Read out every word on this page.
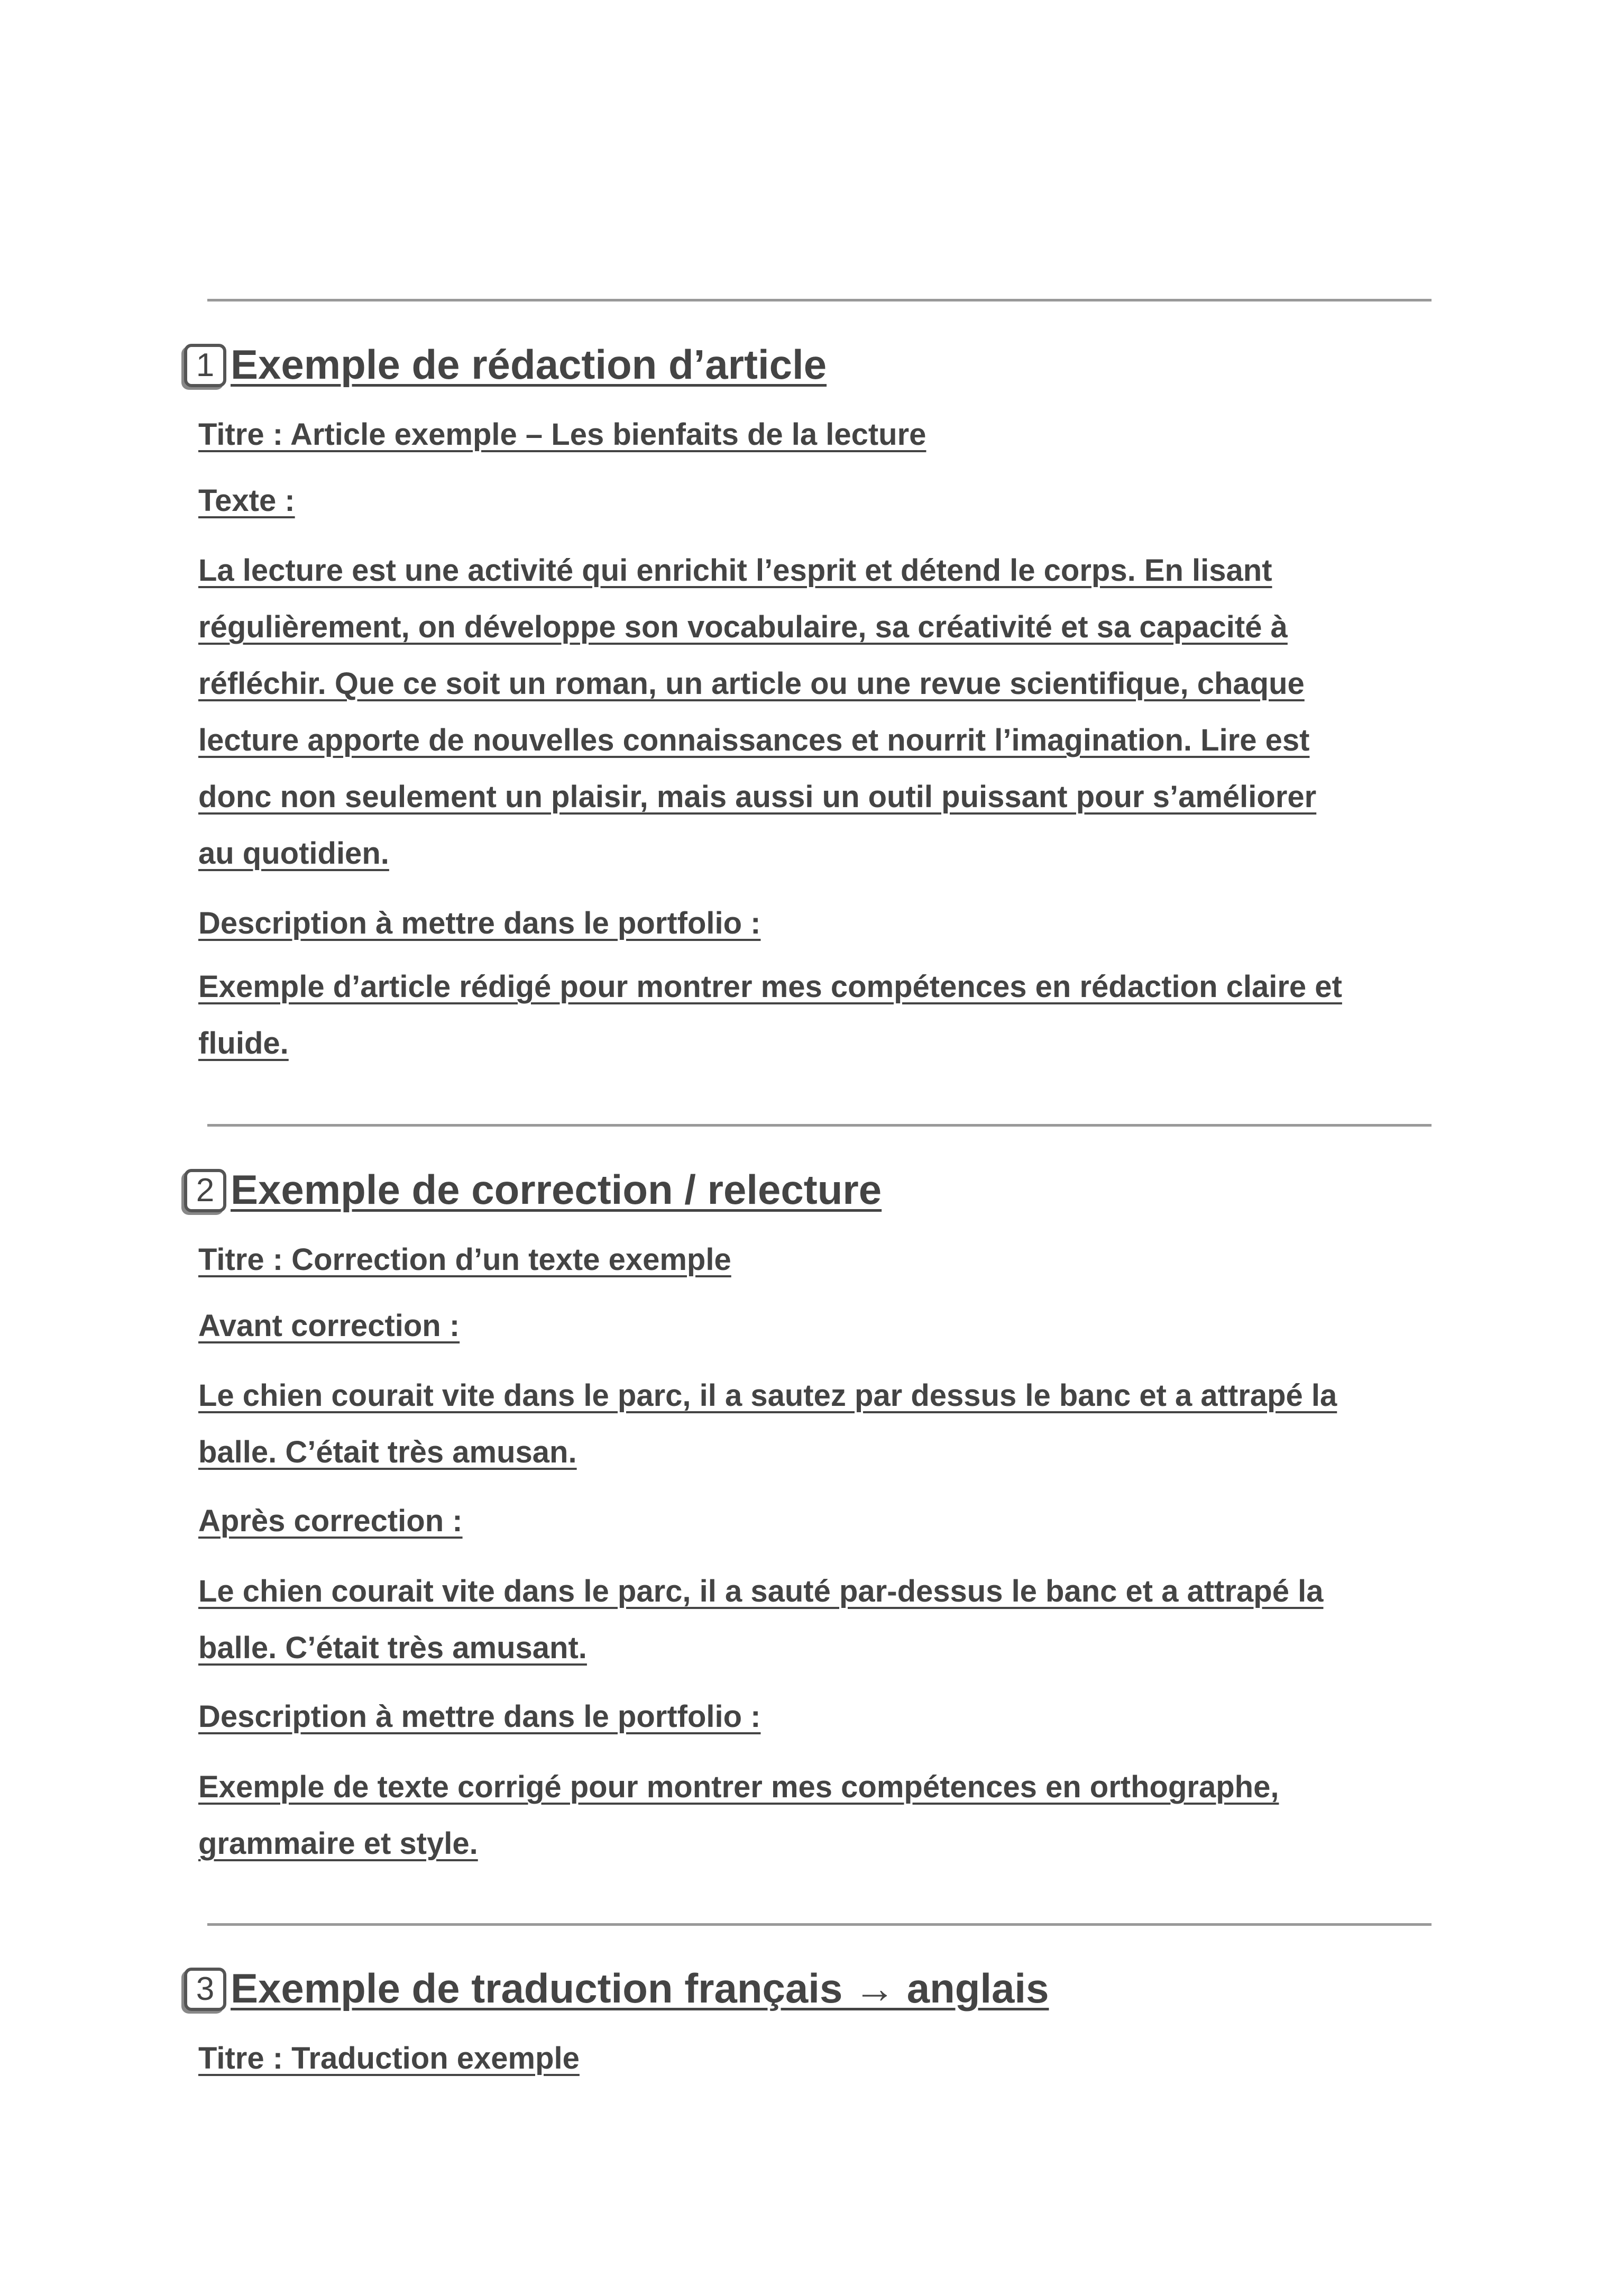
1 Exemple de rédaction d’article

Titre : Article exemple – Les bienfaits de la lecture

Texte :

La lecture est une activité qui enrichit l’esprit et détend le corps. En lisant
régulièrement, on développe son vocabulaire, sa créativité et sa capacité à
réfléchir. Que ce soit un roman, un article ou une revue scientifique, chaque
lecture apporte de nouvelles connaissances et nourrit l’imagination. Lire est
donc non seulement un plaisir, mais aussi un outil puissant pour s’améliorer
au quotidien.

Description à mettre dans le portfolio :

Exemple d’article rédigé pour montrer mes compétences en rédaction claire et
fluide.
2 Exemple de correction / relecture

Titre : Correction d’un texte exemple

Avant correction :

Le chien courait vite dans le parc, il a sautez par dessus le banc et a attrapé la
balle. C’était très amusan.

Après correction :

Le chien courait vite dans le parc, il a sauté par-dessus le banc et a attrapé la
balle. C’était très amusant.

Description à mettre dans le portfolio :

Exemple de texte corrigé pour montrer mes compétences en orthographe,
grammaire et style.
3 Exemple de traduction français → anglais

Titre : Traduction exemple
